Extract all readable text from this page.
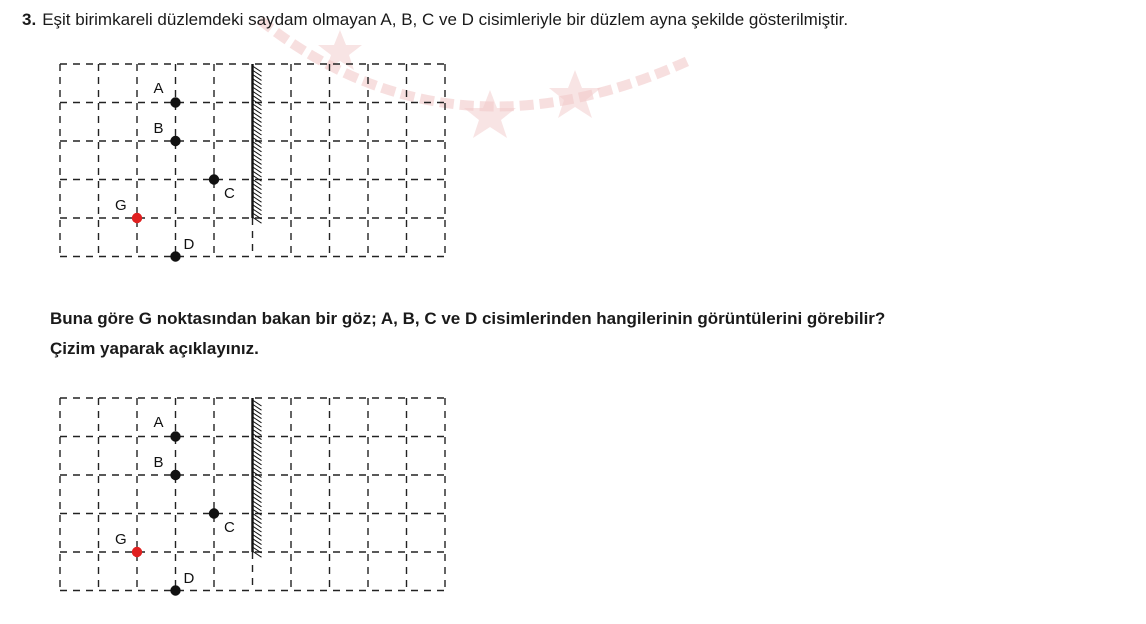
3. Eşit birimkareli düzlemdeki saydam olmayan A, B, C ve D cisimleriyle bir düzlem ayna şekilde gösterilmiştir.
A
B
C
G
D
Buna göre G noktasından bakan bir göz; A, B, C ve D cisimlerinden hangilerinin görüntülerini görebilir?
Çizim yaparak açıklayınız.
A
B
C
G
D
